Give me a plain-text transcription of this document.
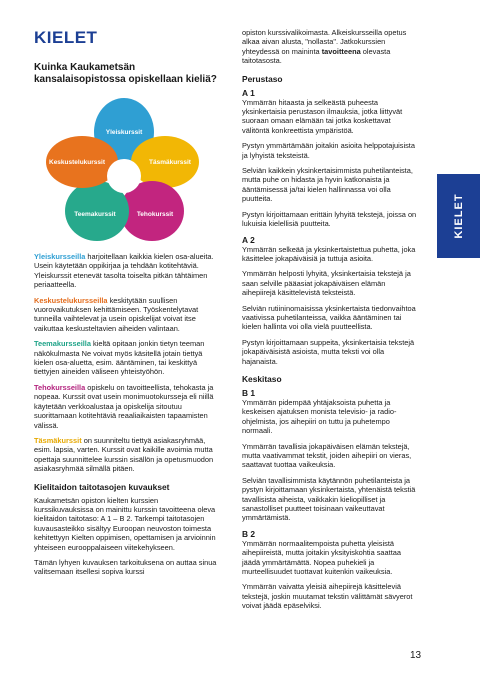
KIELET
Kuinka Kaukametsän kansalaisopistossa opiskellaan kieliä?
Yleiskurssit
Täsmäkurssit
Tehokurssit
Teemakurssit
Keskustelukurssit

Yleiskursseilla harjoitellaan kaikkia kielen osa-alueita. Usein käytetään oppikirjaa ja tehdään kotitehtäviä. Yleiskurssit etenevät tasolta toiselta pitkän tähtäimen periaatteella.

Keskustelukursseilla keskitytään suullisen vuorovaikutuksen kehittämiseen. Työskentelytavat tunneilla vaihtelevat ja usein opiskelijat voivat itse vaikuttaa keskusteltavien aiheiden valintaan.

Teemakursseilla kieltä opitaan jonkin tietyn teeman näkökulmasta Ne voivat myös käsitellä jotain tiettyä kielen osa-aluetta, esim. ääntäminen, tai keskittyä tiettyjen aineiden väliseen yhteistyöhön.

Tehokursseilla opiskelu on tavoitteellista, tehokasta ja nopeaa. Kurssit ovat usein monimuotokursseja eli niillä käytetään verkkoalustaa ja opiskelija sitoutuu suorittamaan kotitehtäviä reaaliaikaisten tapaamisten välissä.

Täsmäkurssit on suunniteltu tiettyä asiakasryhmää, esim. lapsia, varten. Kurssit ovat kaikille avoimia mutta opettaja suunnittelee kurssin sisällön ja opetusmuodon asiakasryhmää silmällä pitäen.

Kielitaidon taitotasojen kuvaukset

Kaukametsän opiston kielten kurssien kurssikuvauksissa on mainittu kurssin tavoitteena oleva kielitaidon taitotaso: A 1 – B 2. Tarkempi taitotasojen kuvausasteikko sisältyy Euroopan neuvoston toimesta kehitettyyn Kielten oppimisen, opettamisen ja arvioinnin yhteiseen eurooppalaiseen viitekehykseen.

Tämän lyhyen kuvauksen tarkoituksena on auttaa sinua valitsemaan itsellesi sopiva kurssi

opiston kurssivalikoimasta. Alkeiskursseilla opetus alkaa aivan alusta, "nollasta". Jatkokurssien yhteydessä on maininta tavoitteena olevasta taitotasosta.

Perustaso
A 1

Ymmärrän hitaasta ja selkeästä puheesta yksinkertaisia perustason ilmauksia, jotka liittyvät suoraan omaan elämään tai jotka koskettavat välitöntä konkreettista ympäristöä.

Pystyn ymmärtämään joitakin asioita helppotajuisista ja lyhyistä teksteistä.

Selviän kaikkein yksinkertaisimmista puhetilanteista, mutta puhe on hidasta ja hyvin katkonaista ja ääntämisessä ja/tai kielen hallinnassa voi olla puutteita.

Pystyn kirjoittamaan erittäin lyhyitä tekstejä, joissa on lukuisia kielellisiä puutteita.

A 2

Ymmärrän selkeää ja yksinkertaistettua puhetta, joka käsittelee jokapäiväisiä ja tuttuja asioita.

Ymmärrän helposti lyhyitä, yksinkertaisia tekstejä ja saan selville pääasiat jokapäiväisen elämän aihepiirejä käsittelevistä teksteistä.

Selviän rutiininomaisissa yksinkertaista tiedonvaihtoa vaativissa puhetilanteissa, vaikka ääntäminen tai kielen hallinta voi olla vielä puutteellista.

Pystyn kirjoittamaan suppeita, yksinkertaisia tekstejä jokapäiväisistä asioista, mutta teksti voi olla hajanaista.

Keskitaso
B 1

Ymmärrän pidempää yhtäjaksoista puhetta ja keskeisen ajatuksen monista televisio- ja radio-ohjelmista, jos aihepiiri on tuttu ja puhetempo normaali.

Ymmärrän tavallisia jokapäiväisen elämän tekstejä, mutta vaativammat tekstit, joiden aihepiiri on vieras, saattavat tuottaa vaikeuksia.

Selviän tavallisimmista käytännön puhetilanteista ja pystyn kirjoittamaan yksinkertaista, yhtenäistä tekstiä tavallisista aiheista, vaikkakin kieliopilliset ja sanastolliset puutteet toisinaan vaikeuttavat ymmärtämistä.

B 2

Ymmärrän normaalitempoista puhetta yleisistä aihepiireistä, mutta joitakin yksityiskohtia saattaa jäädä ymmärtämättä. Nopea puhekieli ja murteellisuudet tuottavat kuitenkin vaikeuksia.

Ymmärrän vaivatta yleisiä aihepiirejä käsitteleviä tekstejä, joskin muutamat tekstin välittämät sävyerot voivat jäädä epäselviksi.

KIELET
13
